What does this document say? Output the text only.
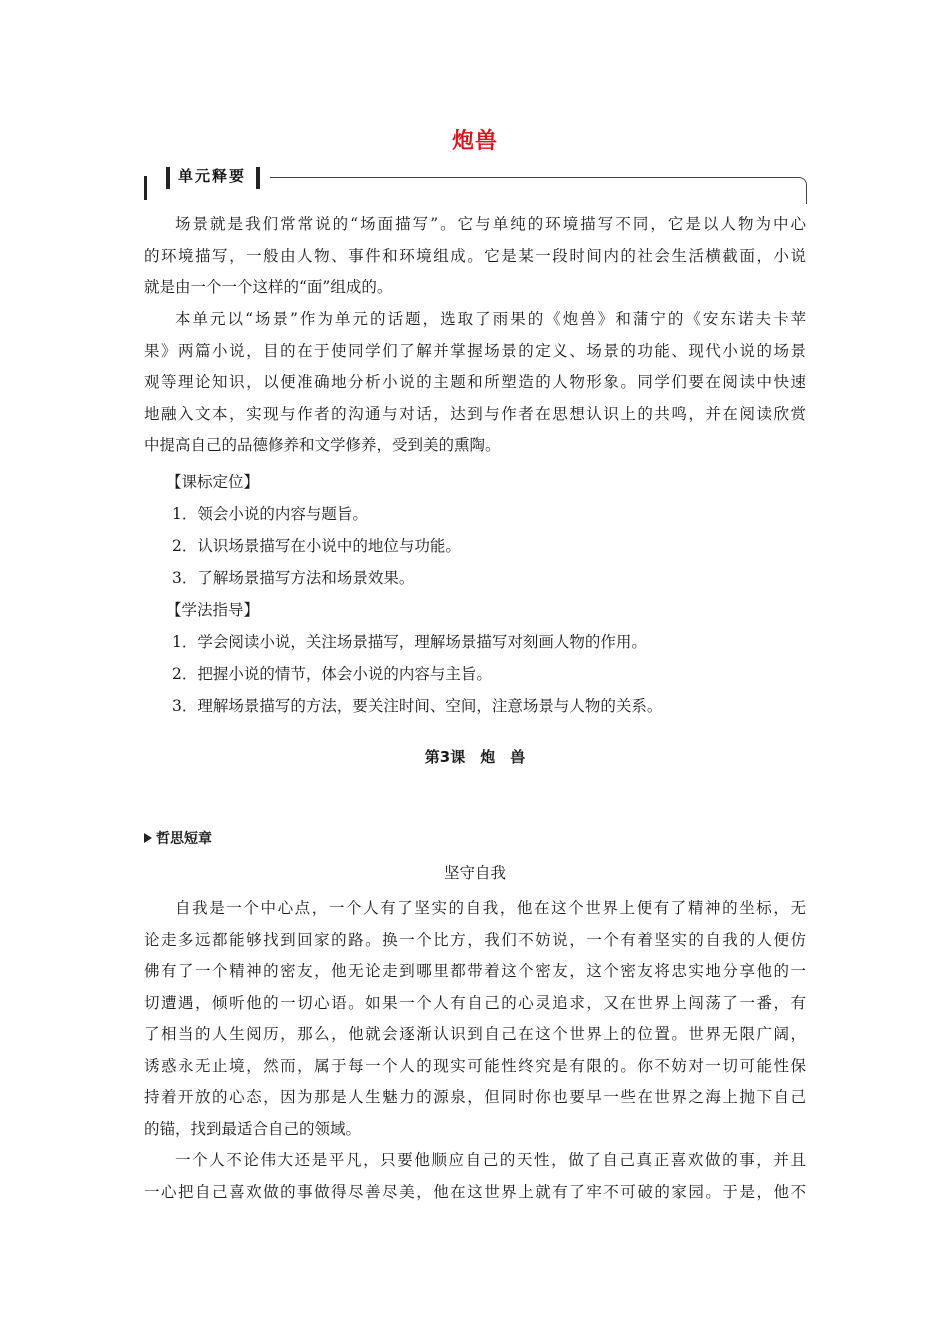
炮兽
单元释要
场景就是我们常常说的“场面描写”。它与单纯的环境描写不同，它是以人物为中心
的环境描写，一般由人物、事件和环境组成。它是某一段时间内的社会生活横截面，小说
就是由一个一个这样的“面”组成的。
本单元以“场景”作为单元的话题，选取了雨果的《炮兽》和蒲宁的《安东诺夫卡苹
果》两篇小说，目的在于使同学们了解并掌握场景的定义、场景的功能、现代小说的场景
观等理论知识，以便准确地分析小说的主题和所塑造的人物形象。同学们要在阅读中快速
地融入文本，实现与作者的沟通与对话，达到与作者在思想认识上的共鸣，并在阅读欣赏
中提高自己的品德修养和文学修养，受到美的熏陶。
【课标定位】
1．领会小说的内容与题旨。
2．认识场景描写在小说中的地位与功能。
3．了解场景描写方法和场景效果。
【学法指导】
1．学会阅读小说，关注场景描写，理解场景描写对刻画人物的作用。
2．把握小说的情节，体会小说的内容与主旨。
3．理解场景描写的方法，要关注时间、空间，注意场景与人物的关系。
第3课　炮　兽
哲思短章
坚守自我
自我是一个中心点，一个人有了坚实的自我，他在这个世界上便有了精神的坐标，无
论走多远都能够找到回家的路。换一个比方，我们不妨说，一个有着坚实的自我的人便仿
佛有了一个精神的密友，他无论走到哪里都带着这个密友，这个密友将忠实地分享他的一
切遭遇，倾听他的一切心语。如果一个人有自己的心灵追求，又在世界上闯荡了一番，有
了相当的人生阅历，那么，他就会逐渐认识到自己在这个世界上的位置。世界无限广阔，
诱惑永无止境，然而，属于每一个人的现实可能性终究是有限的。你不妨对一切可能性保
持着开放的心态，因为那是人生魅力的源泉，但同时你也要早一些在世界之海上抛下自己
的锚，找到最适合自己的领域。
一个人不论伟大还是平凡，只要他顺应自己的天性，做了自己真正喜欢做的事，并且
一心把自己喜欢做的事做得尽善尽美，他在这世界上就有了牢不可破的家园。于是，他不
